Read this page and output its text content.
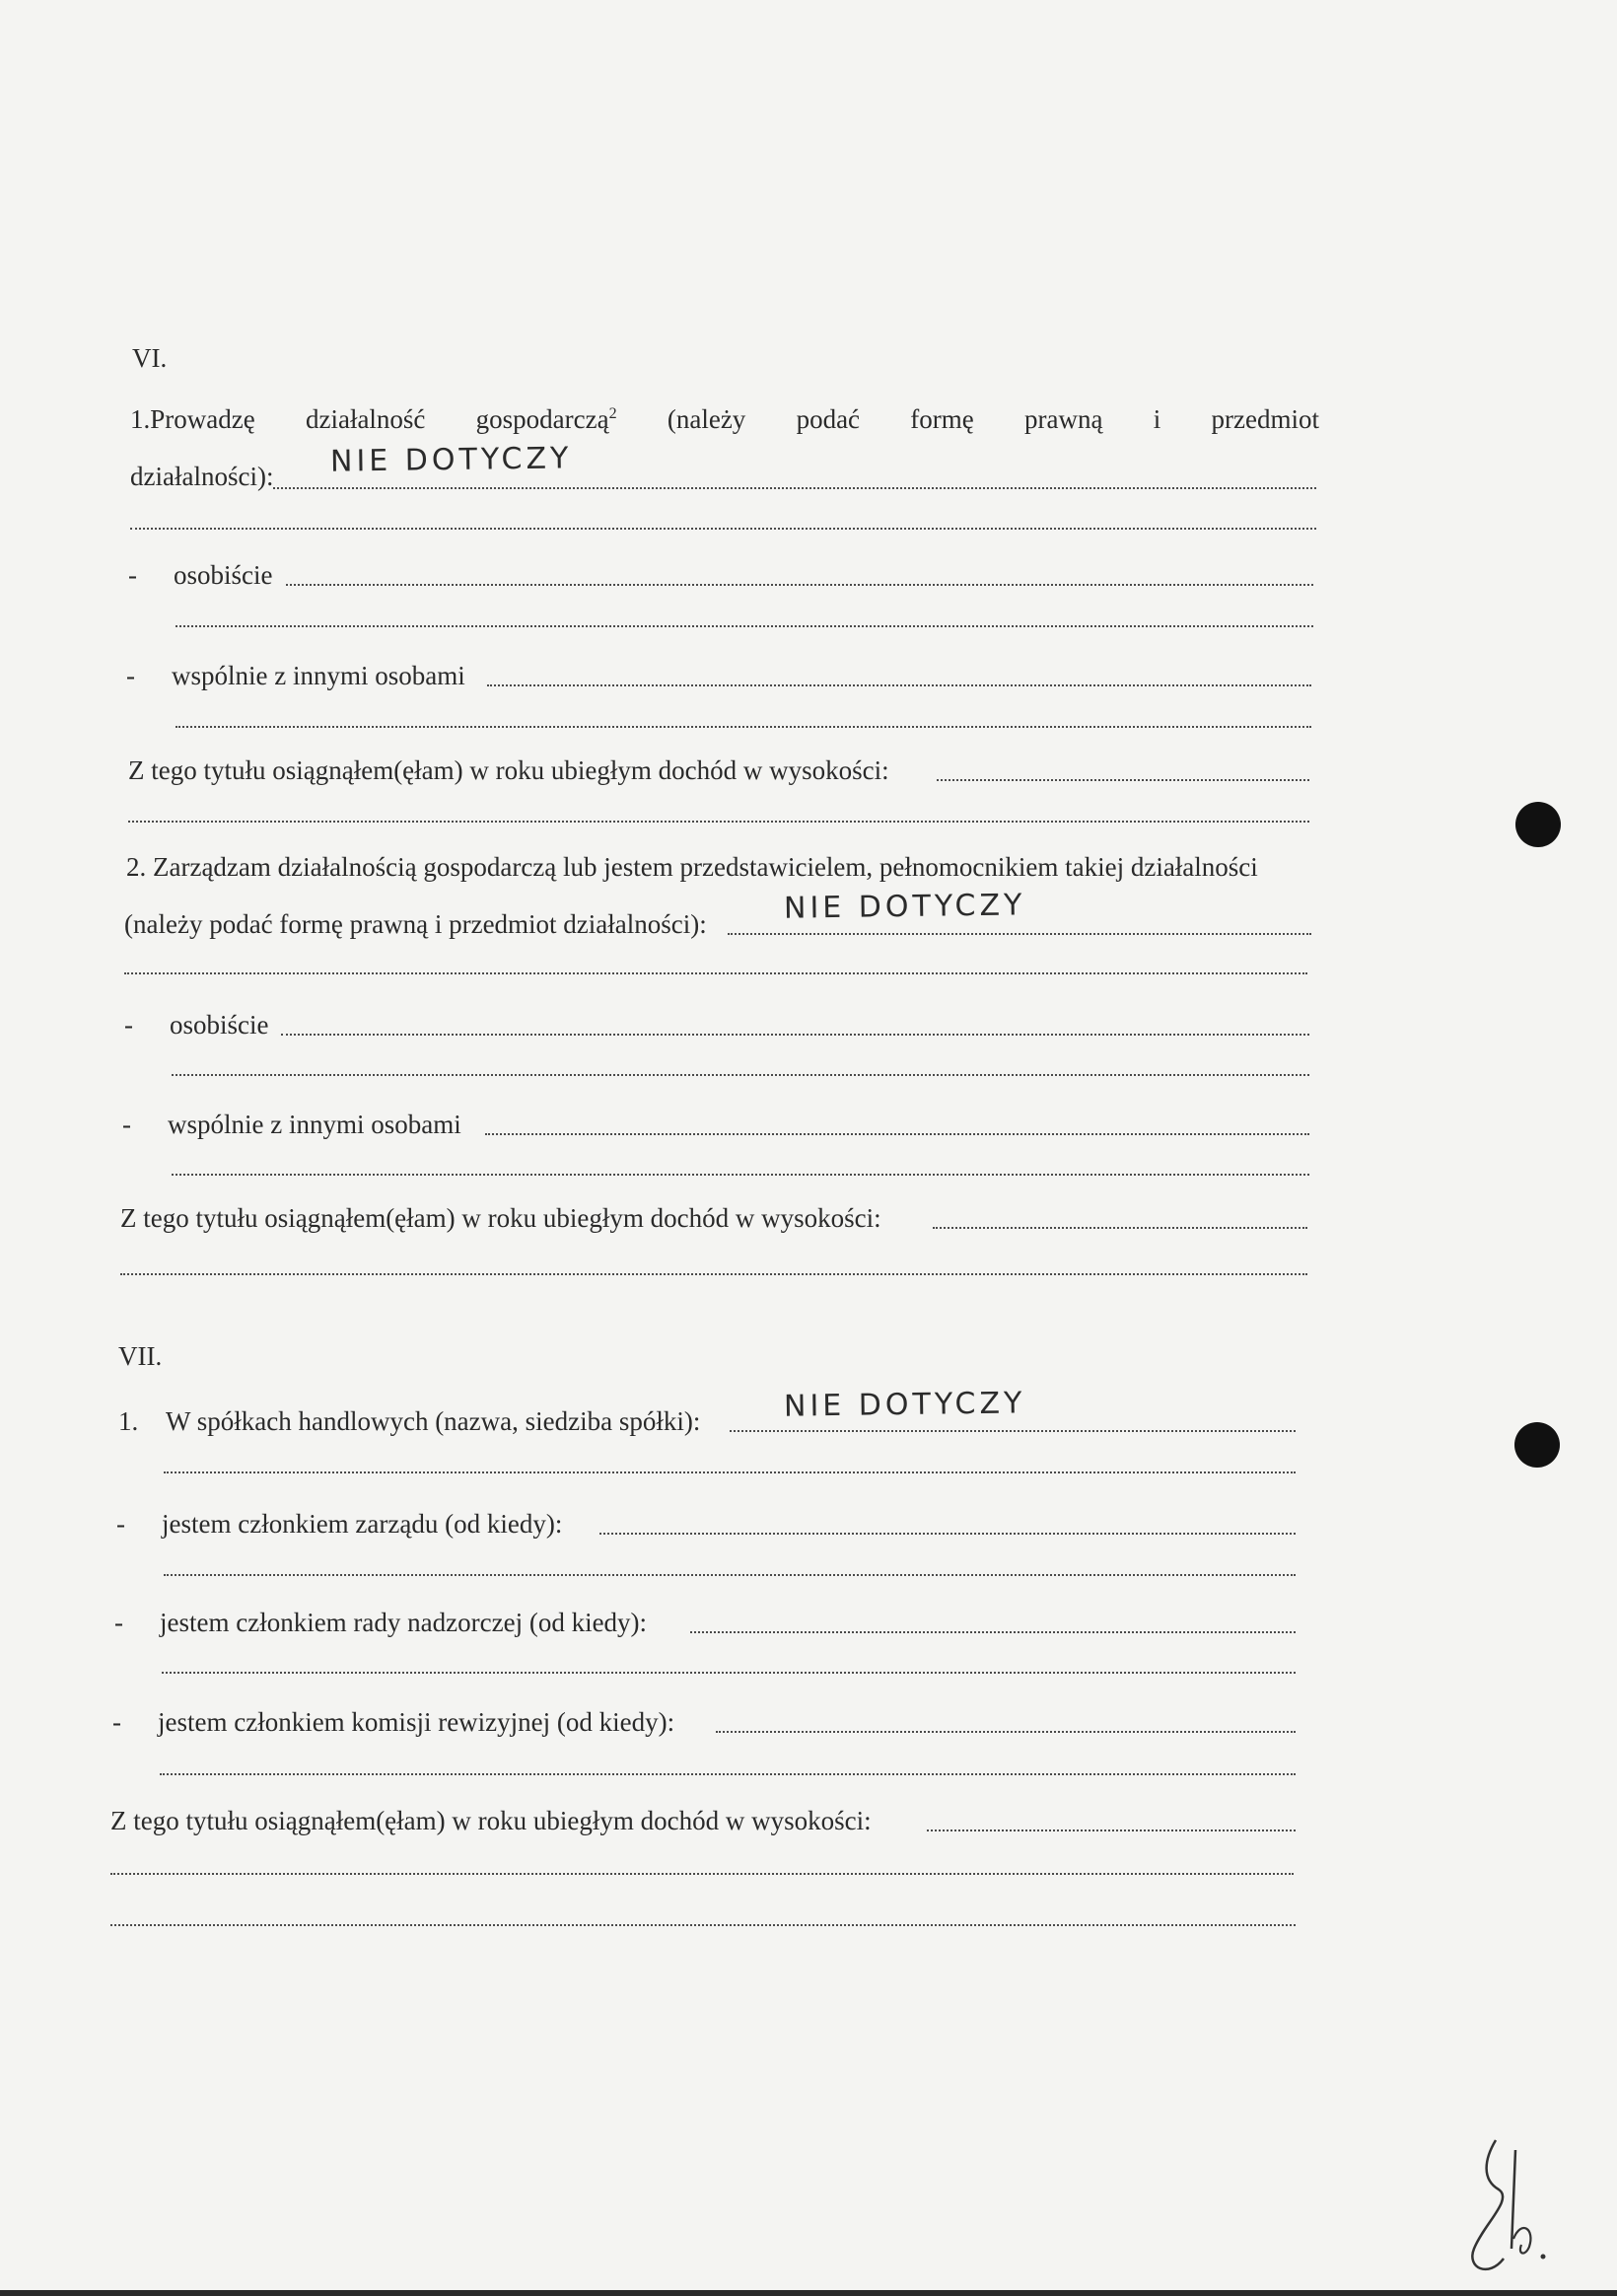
VI.
1.Prowadzę działalność gospodarczą$^2$ (należy podać formę prawną i przedmiot
działalności): NIE DOTYCZY
- osobiście
- wspólnie z innymi osobami
Z tego tytułu osiągnąłem(ęłam) w roku ubiegłym dochód w wysokości:
2. Zarządzam działalnością gospodarczą lub jestem przedstawicielem, pełnomocnikiem takiej działalności
(należy podać formę prawną i przedmiot działalności):	NIE DOTYCZY
- osobiście
- wspólnie z innymi osobami
Z tego tytułu osiągnąłem(ęłam) w roku ubiegłym dochód w wysokości:
VII.
1. W spółkach handlowych (nazwa, siedziba spółki):	NIE DOTYCZY
- jestem członkiem zarządu (od kiedy):
- jestem członkiem rady nadzorczej (od kiedy):
- jestem członkiem komisji rewizyjnej (od kiedy):
Z tego tytułu osiągnąłem(ęłam) w roku ubiegłym dochód w wysokości:
